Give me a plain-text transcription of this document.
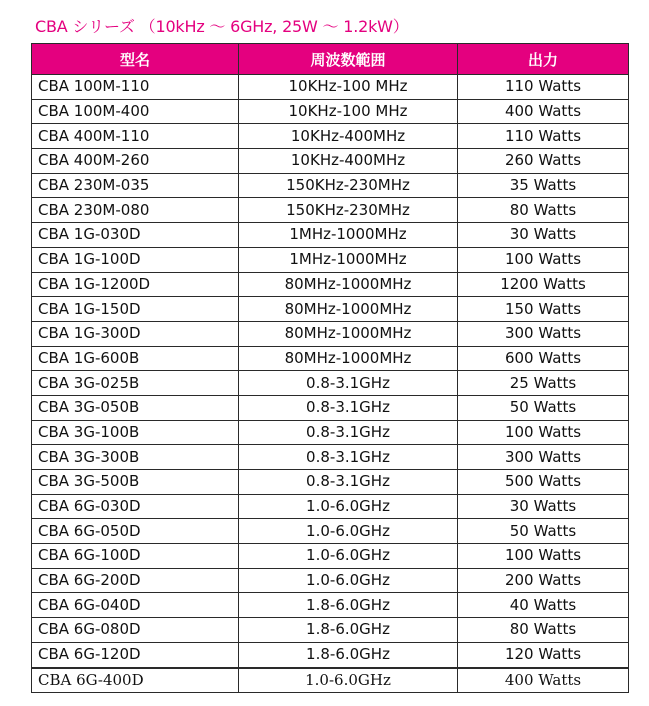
CBA シリーズ （10kHz ～ 6GHz, 25W ～ 1.2kW）
型名	周波数範囲	出力
CBA 100M-110	10KHz-100 MHz	110 Watts
CBA 100M-400	10KHz-100 MHz	400 Watts
CBA 400M-110	10KHz-400MHz	110 Watts
CBA 400M-260	10KHz-400MHz	260 Watts
CBA 230M-035	150KHz-230MHz	35 Watts
CBA 230M-080	150KHz-230MHz	80 Watts
CBA 1G-030D	1MHz-1000MHz	30 Watts
CBA 1G-100D	1MHz-1000MHz	100 Watts
CBA 1G-1200D	80MHz-1000MHz	1200 Watts
CBA 1G-150D	80MHz-1000MHz	150 Watts
CBA 1G-300D	80MHz-1000MHz	300 Watts
CBA 1G-600B	80MHz-1000MHz	600 Watts
CBA 3G-025B	0.8-3.1GHz	25 Watts
CBA 3G-050B	0.8-3.1GHz	50 Watts
CBA 3G-100B	0.8-3.1GHz	100 Watts
CBA 3G-300B	0.8-3.1GHz	300 Watts
CBA 3G-500B	0.8-3.1GHz	500 Watts
CBA 6G-030D	1.0-6.0GHz	30 Watts
CBA 6G-050D	1.0-6.0GHz	50 Watts
CBA 6G-100D	1.0-6.0GHz	100 Watts
CBA 6G-200D	1.0-6.0GHz	200 Watts
CBA 6G-040D	1.8-6.0GHz	40 Watts
CBA 6G-080D	1.8-6.0GHz	80 Watts
CBA 6G-120D	1.8-6.0GHz	120 Watts
CBA 6G-400D	1.0-6.0GHz	400 Watts
